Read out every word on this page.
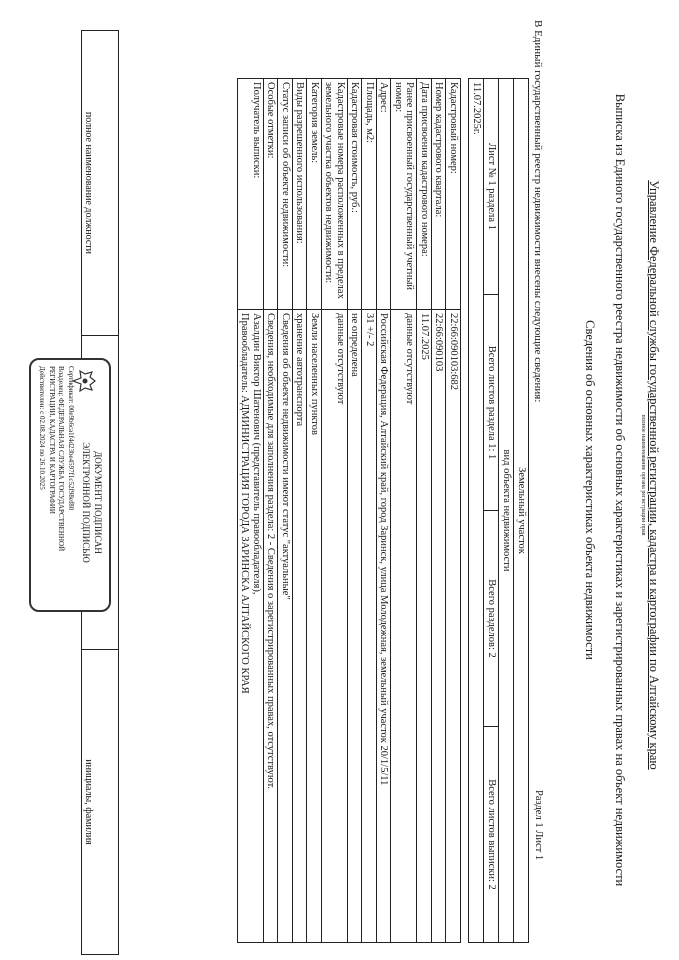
Управление Федеральной службы государственной регистрации, кадастра и картографии по Алтайскому краю
полное наименование органа регистрации прав
Выписка из Единого государственного реестра недвижимости об основных характеристиках и зарегистрированных правах на объект недвижимости
Сведения об основных характеристиках объекта недвижимости
Раздел 1 Лист 1
В Единый государственный реестр недвижимости внесены следующие сведения:
Земельный участок
вид объекта недвижимости
Лист № 1 раздела 1	Всего листов раздела 1: 1	Всего разделов: 2	Всего листов выписки: 2
11.07.2025г.
Кадастровый номер:	22:66:090103:682
Номер кадастрового квартала:	22:66:090103
Дата присвоения кадастрового номера:	11.07.2025
Ранее присвоенный государственный учетный номер:	данные отсутствуют
Адрес:	Российская Федерация, Алтайский край, город Заринск, улица Молодежная, земельный участок 20/1/5/11
Площадь, м2:	31 +/- 2
Кадастровая стоимость, руб.:	не определена
Кадастровые номера расположенных в пределах земельного участка объектов недвижимости:	данные отсутствуют
Категория земель:	Земли населенных пунктов
Виды разрешенного использования:	хранение автотранспорта
Статус записи об объекте недвижимости:	Сведения об объекте недвижимости имеют статус "актуальные"
Особые отметки:	Сведения, необходимые для заполнения раздела: 2 - Сведения о зарегистрированных правах, отсутствуют.
Получатель выписки:	Азалдин Виктор Шатенович (представитель правообладателя),
Правообладатель: АДМИНИСТРАЦИЯ ГОРОДА ЗАРИНСКА АЛТАЙСКОГО КРАЯ
полное наименование должности		инициалы, фамилия
ДОКУМЕНТ ПОДПИСАН
ЭЛЕКТРОННОЙ ПОДПИСЬЮ
Сертификат: 00e9b6ca1f4d23be4597f1c52f98ef80
Владелец: ФЕДЕРАЛЬНАЯ СЛУЖБА ГОСУДАРСТВЕННОЙ
РЕГИСТРАЦИИ, КАДАСТРА И КАРТОГРАФИИ
Действителен: с 02.08.2024 по 26.10.2025
